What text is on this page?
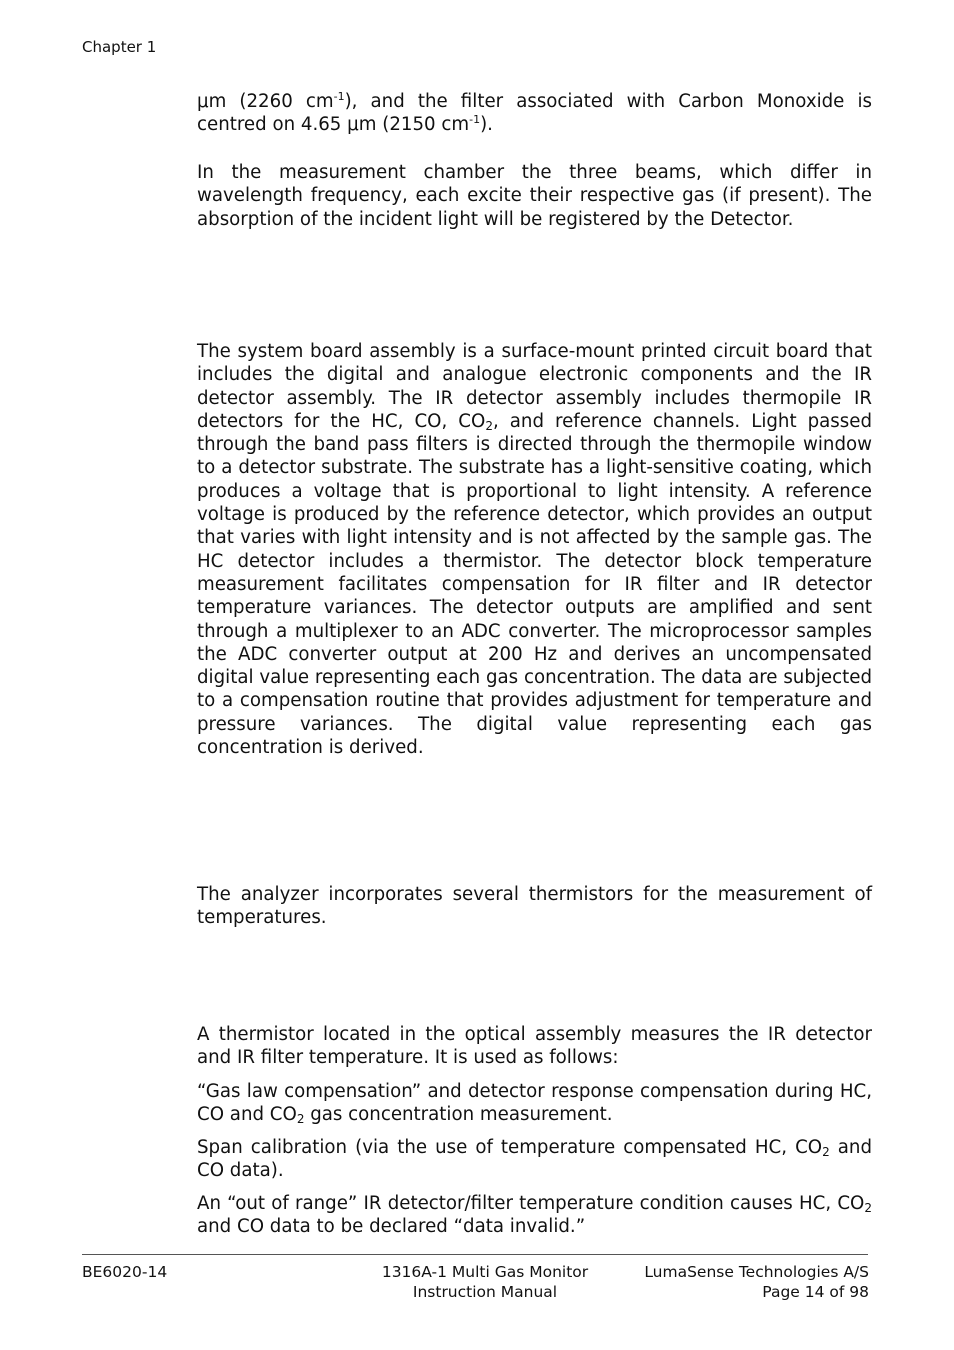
Chapter 1

μm (2260 $cm^{-1}$), and the filter associated with Carbon Monoxide is centred on 4.65 μm (2150 $cm^{-1}$).

In the measurement chamber the three beams, which differ in wavelength frequency, each excite their respective gas (if present). The absorption of the incident light will be registered by the Detector.

The system board assembly is a surface-mount printed circuit board that includes the digital and analogue electronic components and the IR detector assembly. The IR detector assembly includes thermopile IR detectors for the HC, CO, $CO_2$, and reference channels. Light passed through the band pass filters is directed through the thermopile window to a detector substrate. The substrate has a light-sensitive coating, which produces a voltage that is proportional to light intensity. A reference voltage is produced by the reference detector, which provides an output that varies with light intensity and is not affected by the sample gas. The HC detector includes a thermistor. The detector block temperature measurement facilitates compensation for IR filter and IR detector temperature variances. The detector outputs are amplified and sent through a multiplexer to an ADC converter. The microprocessor samples the ADC converter output at 200 Hz and derives an uncompensated digital value representing each gas concentration. The data are subjected to a compensation routine that provides adjustment for temperature and pressure variances. The digital value representing each gas concentration is derived.

The analyzer incorporates several thermistors for the measurement of temperatures.

A thermistor located in the optical assembly measures the IR detector and IR filter temperature. It is used as follows:

“Gas law compensation” and detector response compensation during HC, CO and $CO_2$ gas concentration measurement.

Span calibration (via the use of temperature compensated HC, $CO_2$ and CO data).

An “out of range” IR detector/filter temperature condition causes HC, $CO_2$ and CO data to be declared “data invalid.”

BE6020-14	1316A-1 Multi Gas Monitor
Instruction Manual
LumaSense Technologies A/S
Page 14 of 98
